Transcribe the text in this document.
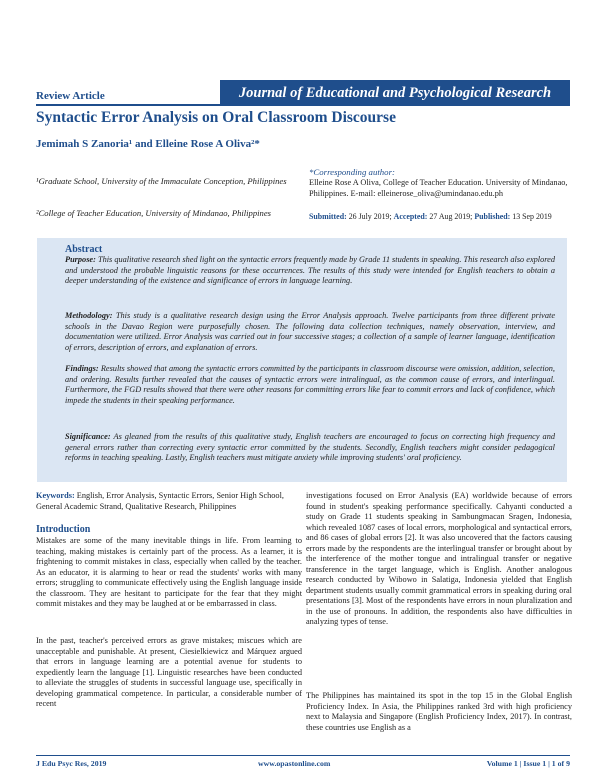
Review Article	Journal of Educational and Psychological Research
Syntactic Error Analysis on Oral Classroom Discourse
Jemimah S Zanoria¹ and Elleine Rose A Oliva²*
¹Graduate School, University of the Immaculate Conception, Philippines
²College of Teacher Education, University of Mindanao, Philippines
*Corresponding author:
Elleine Rose A Oliva, College of Teacher Education. University of Mindanao, Philippines. E-mail: elleinerose_oliva@umindanao.edu.ph
Submitted: 26 July 2019; Accepted: 27 Aug 2019; Published: 13 Sep 2019
Abstract
Purpose: This qualitative research shed light on the syntactic errors frequently made by Grade 11 students in speaking. This research also explored and understood the probable linguistic reasons for these occurrences. The results of this study were intended for English teachers to obtain a deeper understanding of the existence and significance of errors in language learning.
Methodology: This study is a qualitative research design using the Error Analysis approach. Twelve participants from three different private schools in the Davao Region were purposefully chosen. The following data collection techniques, namely observation, interview, and documentation were utilized. Error Analysis was carried out in four successive stages; a collection of a sample of learner language, identification of errors, description of errors, and explanation of errors.
Findings: Results showed that among the syntactic errors committed by the participants in classroom discourse were omission, addition, selection, and ordering. Results further revealed that the causes of syntactic errors were intralingual, as the common cause of errors, and interlingual. Furthermore, the FGD results showed that there were other reasons for committing errors like fear to commit errors and lack of confidence, which impede the students in their speaking performance.
Significance: As gleaned from the results of this qualitative study, English teachers are encouraged to focus on correcting high frequency and general errors rather than correcting every syntactic error committed by the students. Secondly, English teachers might consider pedagogical reforms in teaching speaking. Lastly, English teachers must mitigate anxiety while improving students' oral proficiency.
Keywords: English, Error Analysis, Syntactic Errors, Senior High School, General Academic Strand, Qualitative Research, Philippines
Introduction
Mistakes are some of the many inevitable things in life. From learning to teaching, making mistakes is certainly part of the process. As a learner, it is frightening to commit mistakes in class, especially when called by the teacher. As an educator, it is alarming to hear or read the students' works with many errors; struggling to communicate effectively using the English language inside the classroom. They are hesitant to participate for the fear that they might commit mistakes and they may be laughed at or be embarrassed in class.
In the past, teacher's perceived errors as grave mistakes; miscues which are unacceptable and punishable. At present, Ciesielkiewicz and Márquez argued that errors in language learning are a potential avenue for students to expediently learn the language [1]. Linguistic researches have been conducted to alleviate the struggles of students in successful language use, specifically in developing grammatical competence. In particular, a considerable number of recent
investigations focused on Error Analysis (EA) worldwide because of errors found in student's speaking performance specifically. Cahyanti conducted a study on Grade 11 students speaking in Sambungmacan Sragen, Indonesia, which revealed 1087 cases of local errors, morphological and syntactical errors, and 86 cases of global errors [2]. It was also uncovered that the factors causing errors made by the respondents are the interlingual transfer or brought about by the interference of the mother tongue and intralingual transfer or negative transference in the target language, which is English. Another analogous research conducted by Wibowo in Salatiga, Indonesia yielded that English department students usually commit grammatical errors in speaking during oral presentations [3]. Most of the respondents have errors in noun pluralization and in the use of pronouns. In addition, the respondents also have difficulties in analyzing types of tense.
The Philippines has maintained its spot in the top 15 in the Global English Proficiency Index. In Asia, the Philippines ranked 3rd with high proficiency next to Malaysia and Singapore (English Proficiency Index, 2017). In contrast, these countries use English as a
J Edu Psyc Res, 2019	www.opastonline.com	Volume 1 | Issue 1 | 1 of 9
